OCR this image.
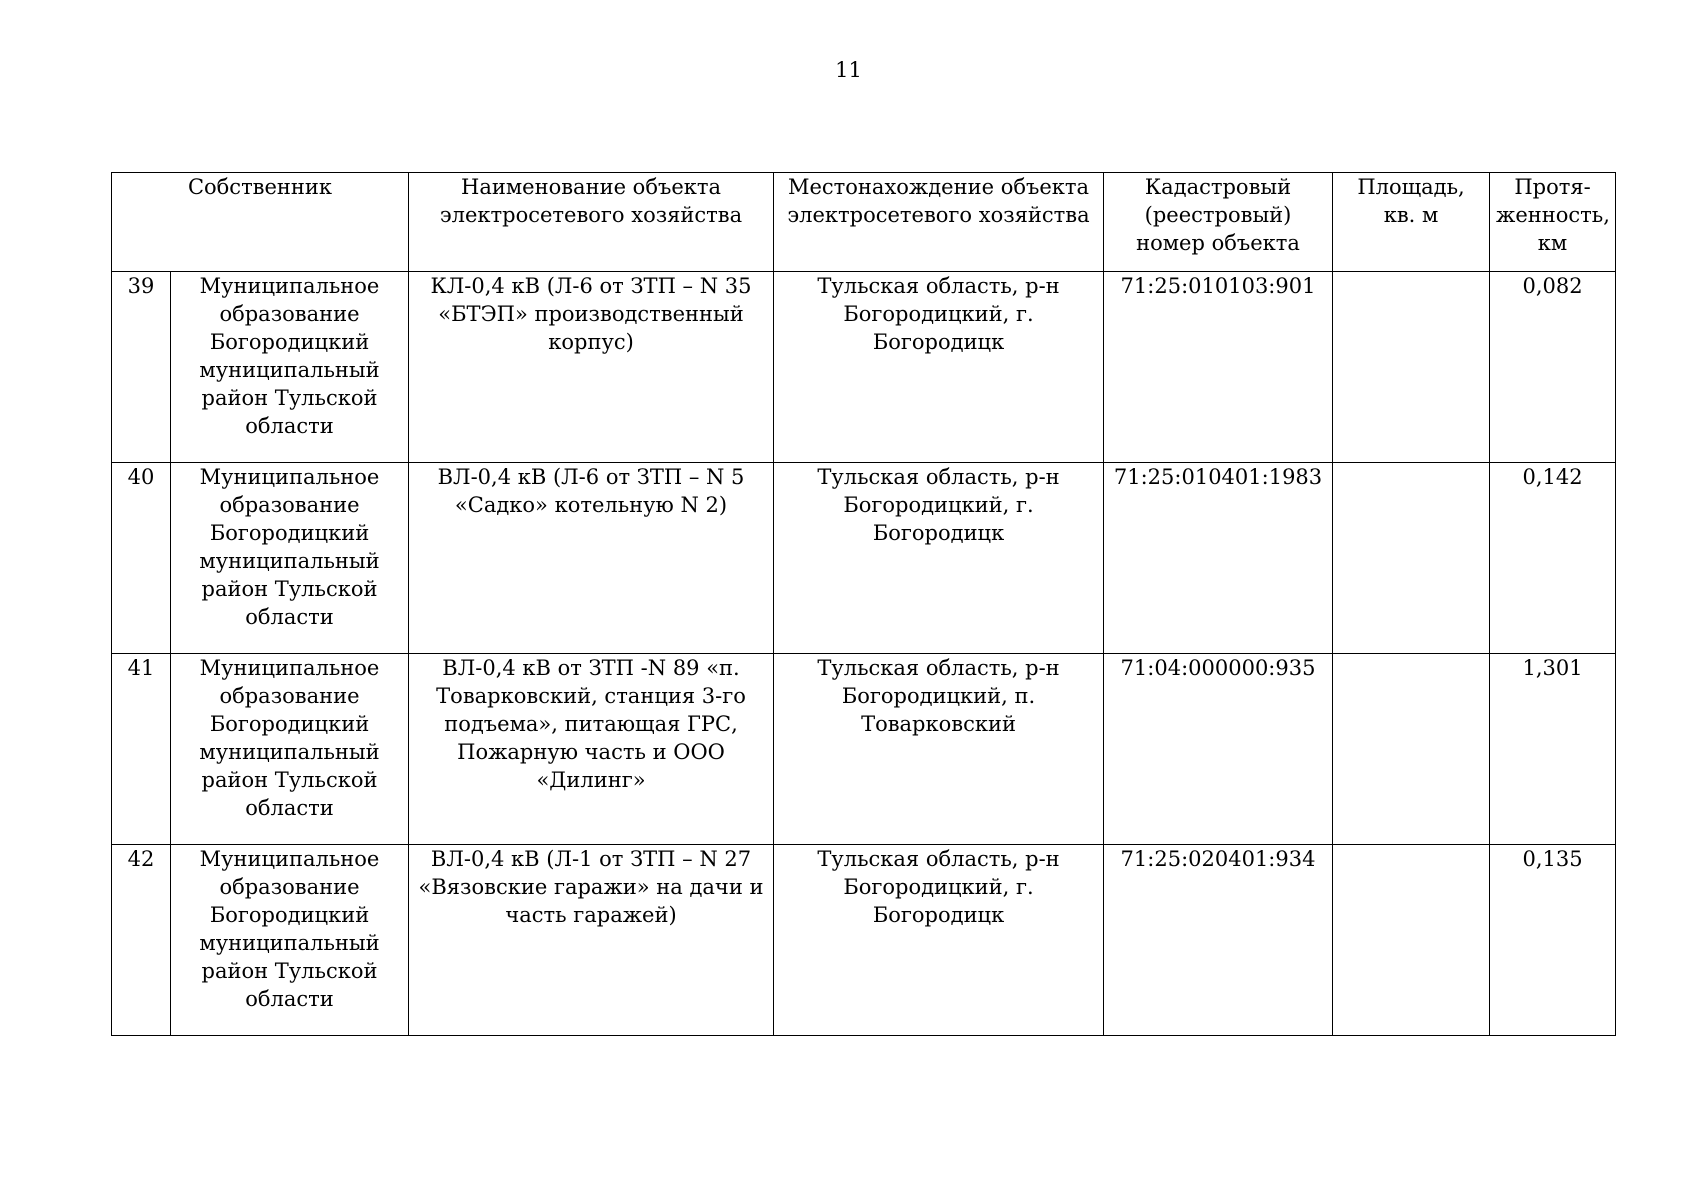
11
Собственник		Наименование объекта электросетевого хозяйства	Местонахождение объекта электросетевого хозяйства	Кадастровый (реестровый) номер объекта	Площадь, кв. м	Протя-женность, км
39	Муниципальное образование Богородицкий муниципальный район Тульской области	КЛ-0,4 кВ (Л-6 от ЗТП – N 35 «БТЭП» производственный корпус)	Тульская область, р-н Богородицкий, г. Богородицк	71:25:010103:901		0,082
40	Муниципальное образование Богородицкий муниципальный район Тульской области	ВЛ-0,4 кВ (Л-6 от ЗТП – N 5 «Садко» котельную N 2)	Тульская область, р-н Богородицкий, г. Богородицк	71:25:010401:1983		0,142
41	Муниципальное образование Богородицкий муниципальный район Тульской области	ВЛ-0,4 кВ от ЗТП -N 89 «п. Товарковский, станция 3-го подъема», питающая ГРС, Пожарную часть и ООО «Дилинг»	Тульская область, р-н Богородицкий, п. Товарковский	71:04:000000:935		1,301
42	Муниципальное образование Богородицкий муниципальный район Тульской области	ВЛ-0,4 кВ (Л-1 от ЗТП – N 27 «Вязовские гаражи» на дачи и часть гаражей)	Тульская область, р-н Богородицкий, г. Богородицк	71:25:020401:934		0,135
